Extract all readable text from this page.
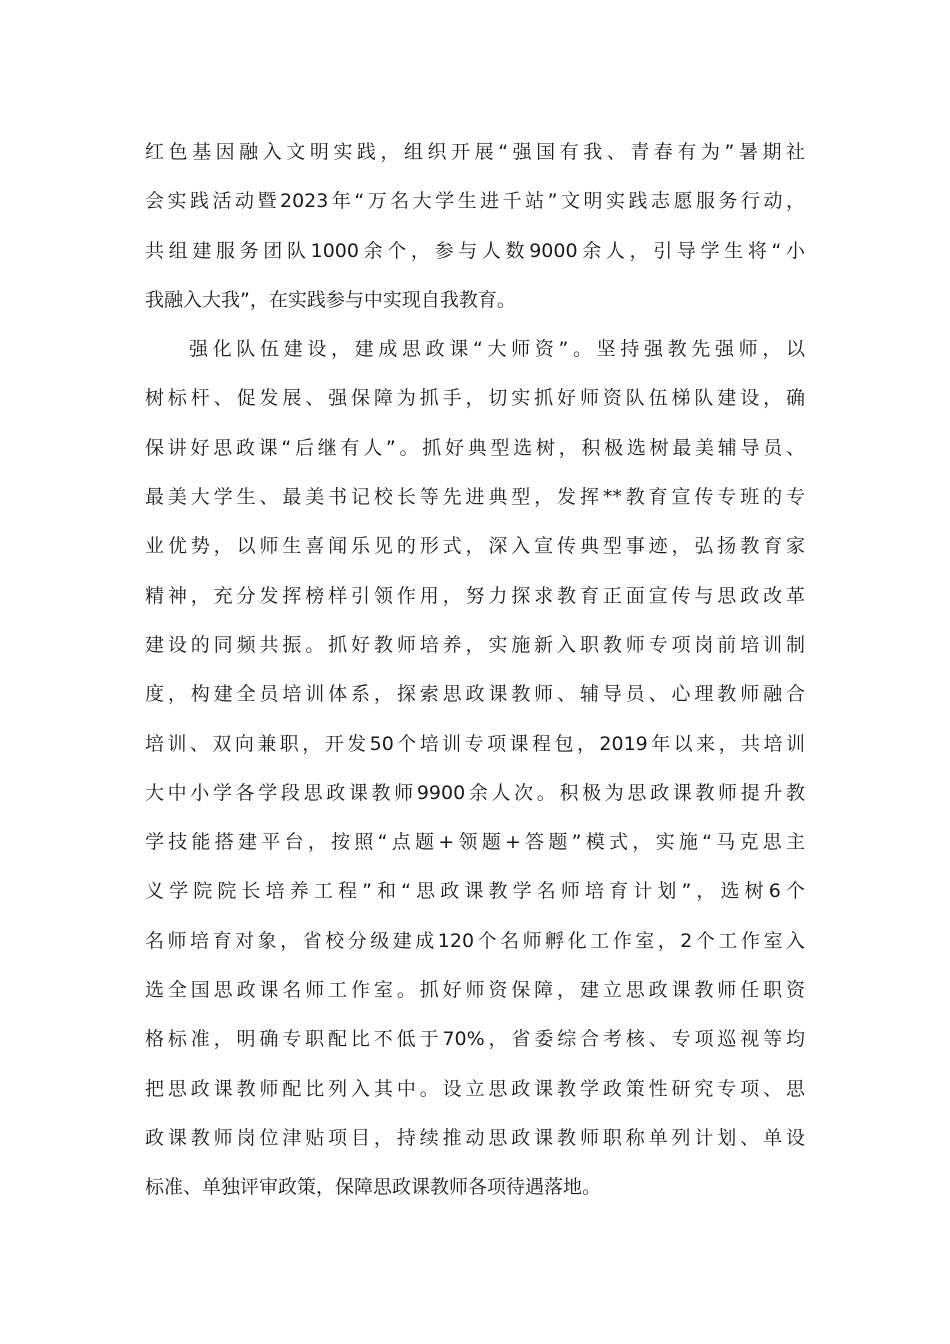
红色基因融入文明实践，组织开展“强国有我、青春有为”暑期社
会实践活动暨2023年“万名大学生进千站”文明实践志愿服务行动，
共组建服务团队1000余个，参与人数9000余人，引导学生将“小
我融入大我”，在实践参与中实现自我教育。
强化队伍建设，建成思政课“大师资”。坚持强教先强师，以
树标杆、促发展、强保障为抓手，切实抓好师资队伍梯队建设，确
保讲好思政课“后继有人”。抓好典型选树，积极选树最美辅导员、
最美大学生、最美书记校长等先进典型，发挥**教育宣传专班的专
业优势，以师生喜闻乐见的形式，深入宣传典型事迹，弘扬教育家
精神，充分发挥榜样引领作用，努力探求教育正面宣传与思政改革
建设的同频共振。抓好教师培养，实施新入职教师专项岗前培训制
度，构建全员培训体系，探索思政课教师、辅导员、心理教师融合
培训、双向兼职，开发50个培训专项课程包，2019年以来，共培训
大中小学各学段思政课教师9900余人次。积极为思政课教师提升教
学技能搭建平台，按照“点题+领题+答题”模式，实施“马克思主
义学院院长培养工程”和“思政课教学名师培育计划”，选树6个
名师培育对象，省校分级建成120个名师孵化工作室，2个工作室入
选全国思政课名师工作室。抓好师资保障，建立思政课教师任职资
格标准，明确专职配比不低于70%，省委综合考核、专项巡视等均
把思政课教师配比列入其中。设立思政课教学政策性研究专项、思
政课教师岗位津贴项目，持续推动思政课教师职称单列计划、单设
标准、单独评审政策，保障思政课教师各项待遇落地。
